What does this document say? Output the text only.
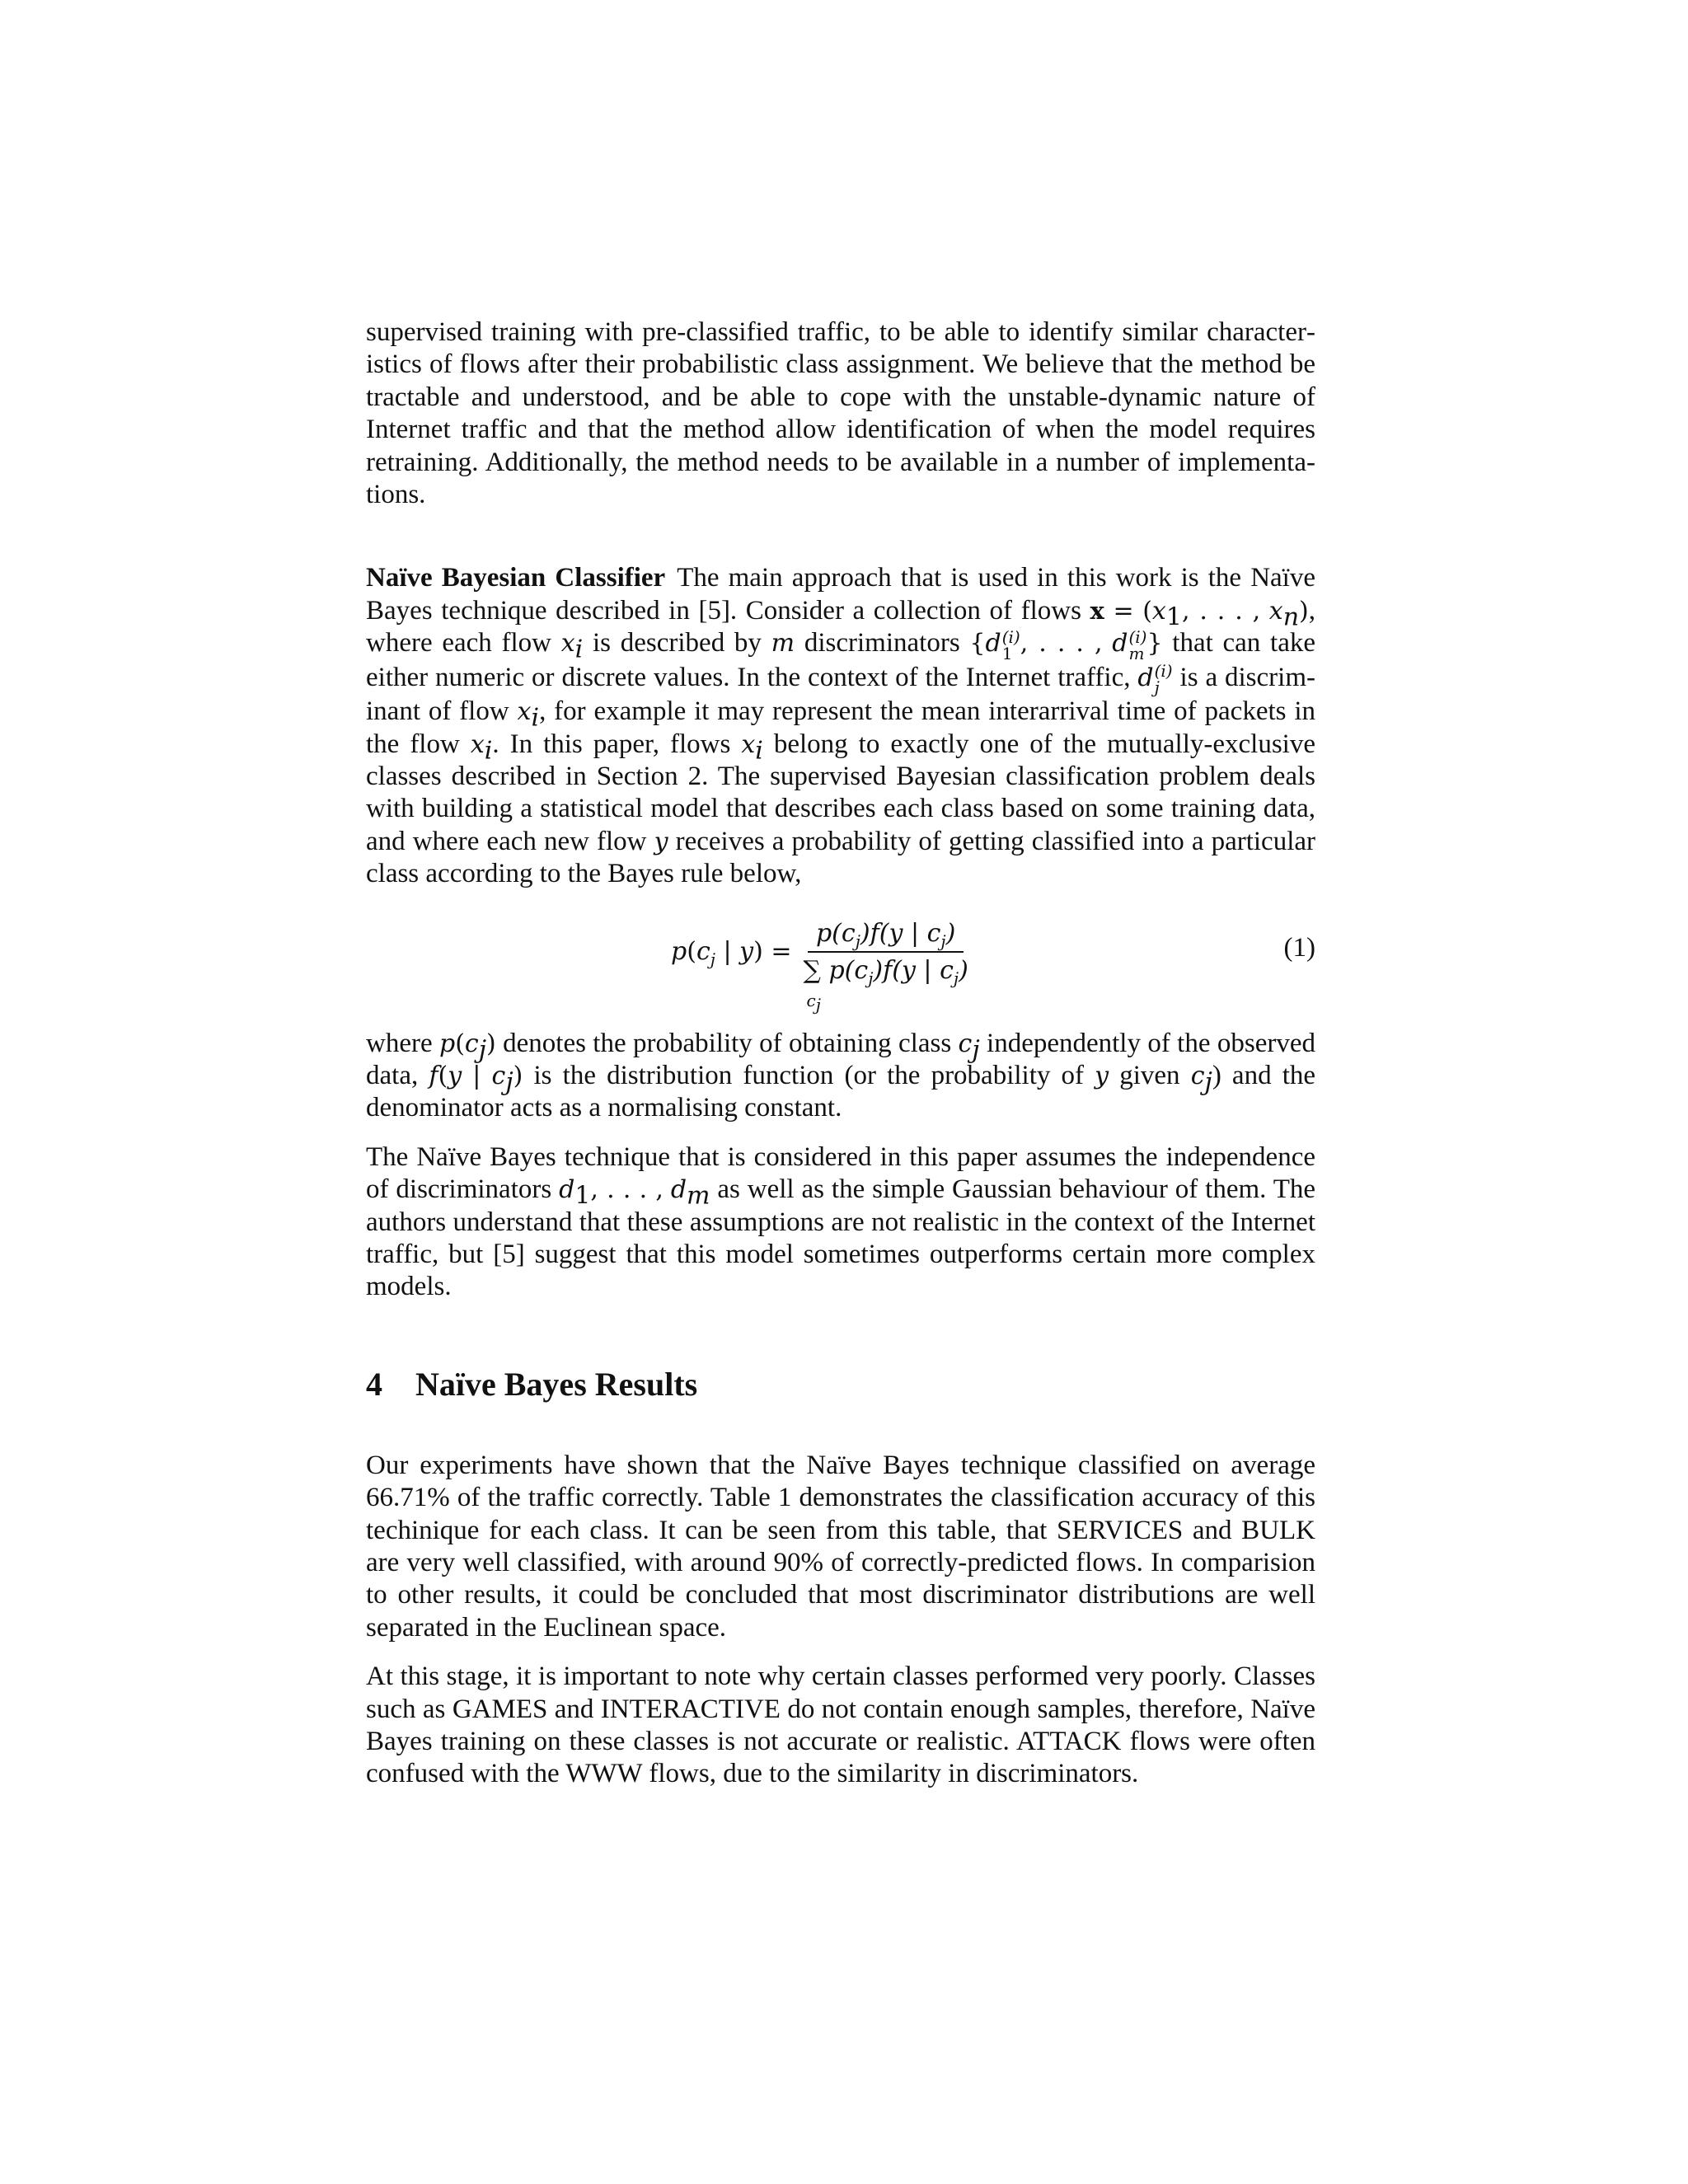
supervised training with pre-classified traffic, to be able to identify similar characteristics of flows after their probabilistic class assignment. We believe that the method be tractable and understood, and be able to cope with the unstable-dynamic nature of Internet traffic and that the method allow identification of when the model requires retraining. Additionally, the method needs to be available in a number of implementations.

Naïve Bayesian Classifier The main approach that is used in this work is the Naïve Bayes technique described in [5]. Consider a collection of flows $x = (x_1$, . . . , $x_n$), where each flow $x_i$ is described by m discriminators {d (i)
1 , . . . , d (i)
m } that can take either numeric or discrete values. In the context of the Internet traffic, d (i)
j is a discriminant of flow $x_i$, for example it may represent the mean interarrival time of packets in the flow $x_i$. In this paper, flows $x_i$ belong to exactly one of the mutually-exclusive classes described in Section 2. The supervised Bayesian classification problem deals with building a statistical model that describes each class based on some training data, and where each new flow y receives a probability of getting classified into a particular class according to the Bayes rule below,

$p(c_j$ | $y) = p(c_j)f(y$ | $c_j$)
∑ $p(c_j)f(y$ | $c_j$)
$c_j$	(1)

where $p(c_j)$ denotes the probability of obtaining class $c_j$ independently of the observed data, f(y | $c_j$) is the distribution function (or the probability of y given $c_j$) and the denominator acts as a normalising constant.

The Naïve Bayes technique that is considered in this paper assumes the independence of discriminators $d_1$, . . . , $d_m$ as well as the simple Gaussian behaviour of them. The authors understand that these assumptions are not realistic in the context of the Internet traffic, but [5] suggest that this model sometimes outperforms certain more complex models.

4 Naïve Bayes Results

Our experiments have shown that the Naïve Bayes technique classified on average 66.71% of the traffic correctly. Table 1 demonstrates the classification accuracy of this techinique for each class. It can be seen from this table, that SERVICES and BULK are very well classified, with around 90% of correctly-predicted flows. In comparision to other results, it could be concluded that most discriminator distributions are well separated in the Euclinean space.

At this stage, it is important to note why certain classes performed very poorly. Classes such as GAMES and INTERACTIVE do not contain enough samples, therefore, Naïve Bayes training on these classes is not accurate or realistic. ATTACK flows were often confused with the WWW flows, due to the similarity in discriminators.
